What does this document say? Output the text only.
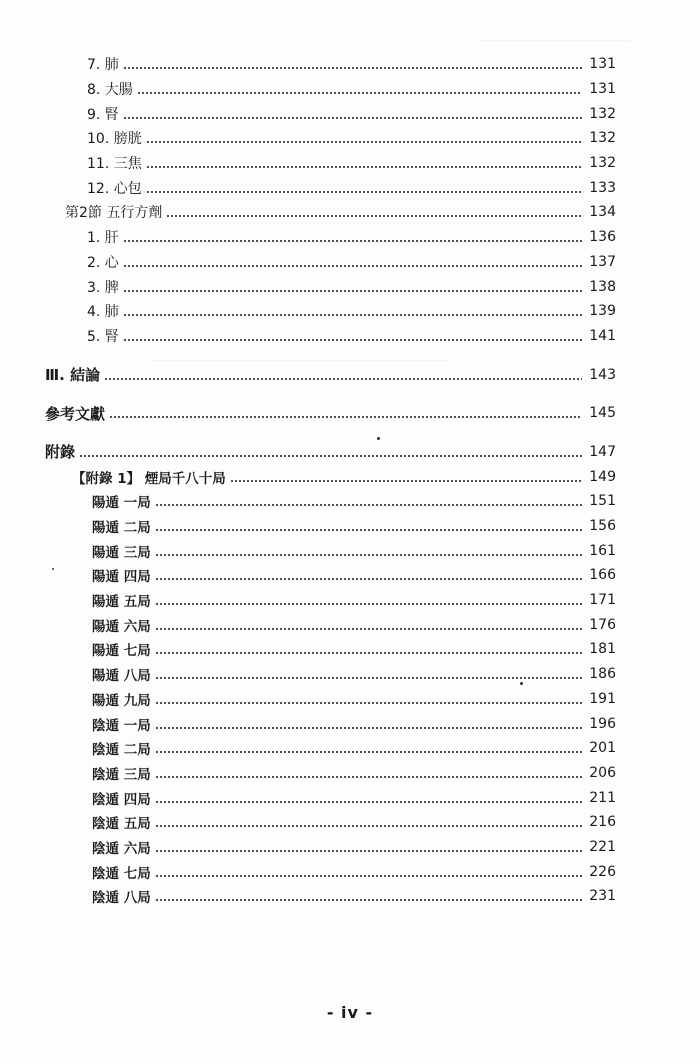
7. 肺	131
8. 大腸	131
9. 腎	132
10. 膀胱	132
11. 三焦	132
12. 心包	133
第2節 五行方劑	134
1. 肝	136
2. 心	137
3. 脾	138
4. 肺	139
5. 腎	141
Ⅲ. 結論	143
參考文獻	145
附錄	147
【附錄 1】 煙局千八十局	149
陽遁 一局	151
陽遁 二局	156
陽遁 三局	161
陽遁 四局	166
陽遁 五局	171
陽遁 六局	176
陽遁 七局	181
陽遁 八局	186
陽遁 九局	191
陰遁 一局	196
陰遁 二局	201
陰遁 三局	206
陰遁 四局	211
陰遁 五局	216
陰遁 六局	221
陰遁 七局	226
陰遁 八局	231
- iv -
